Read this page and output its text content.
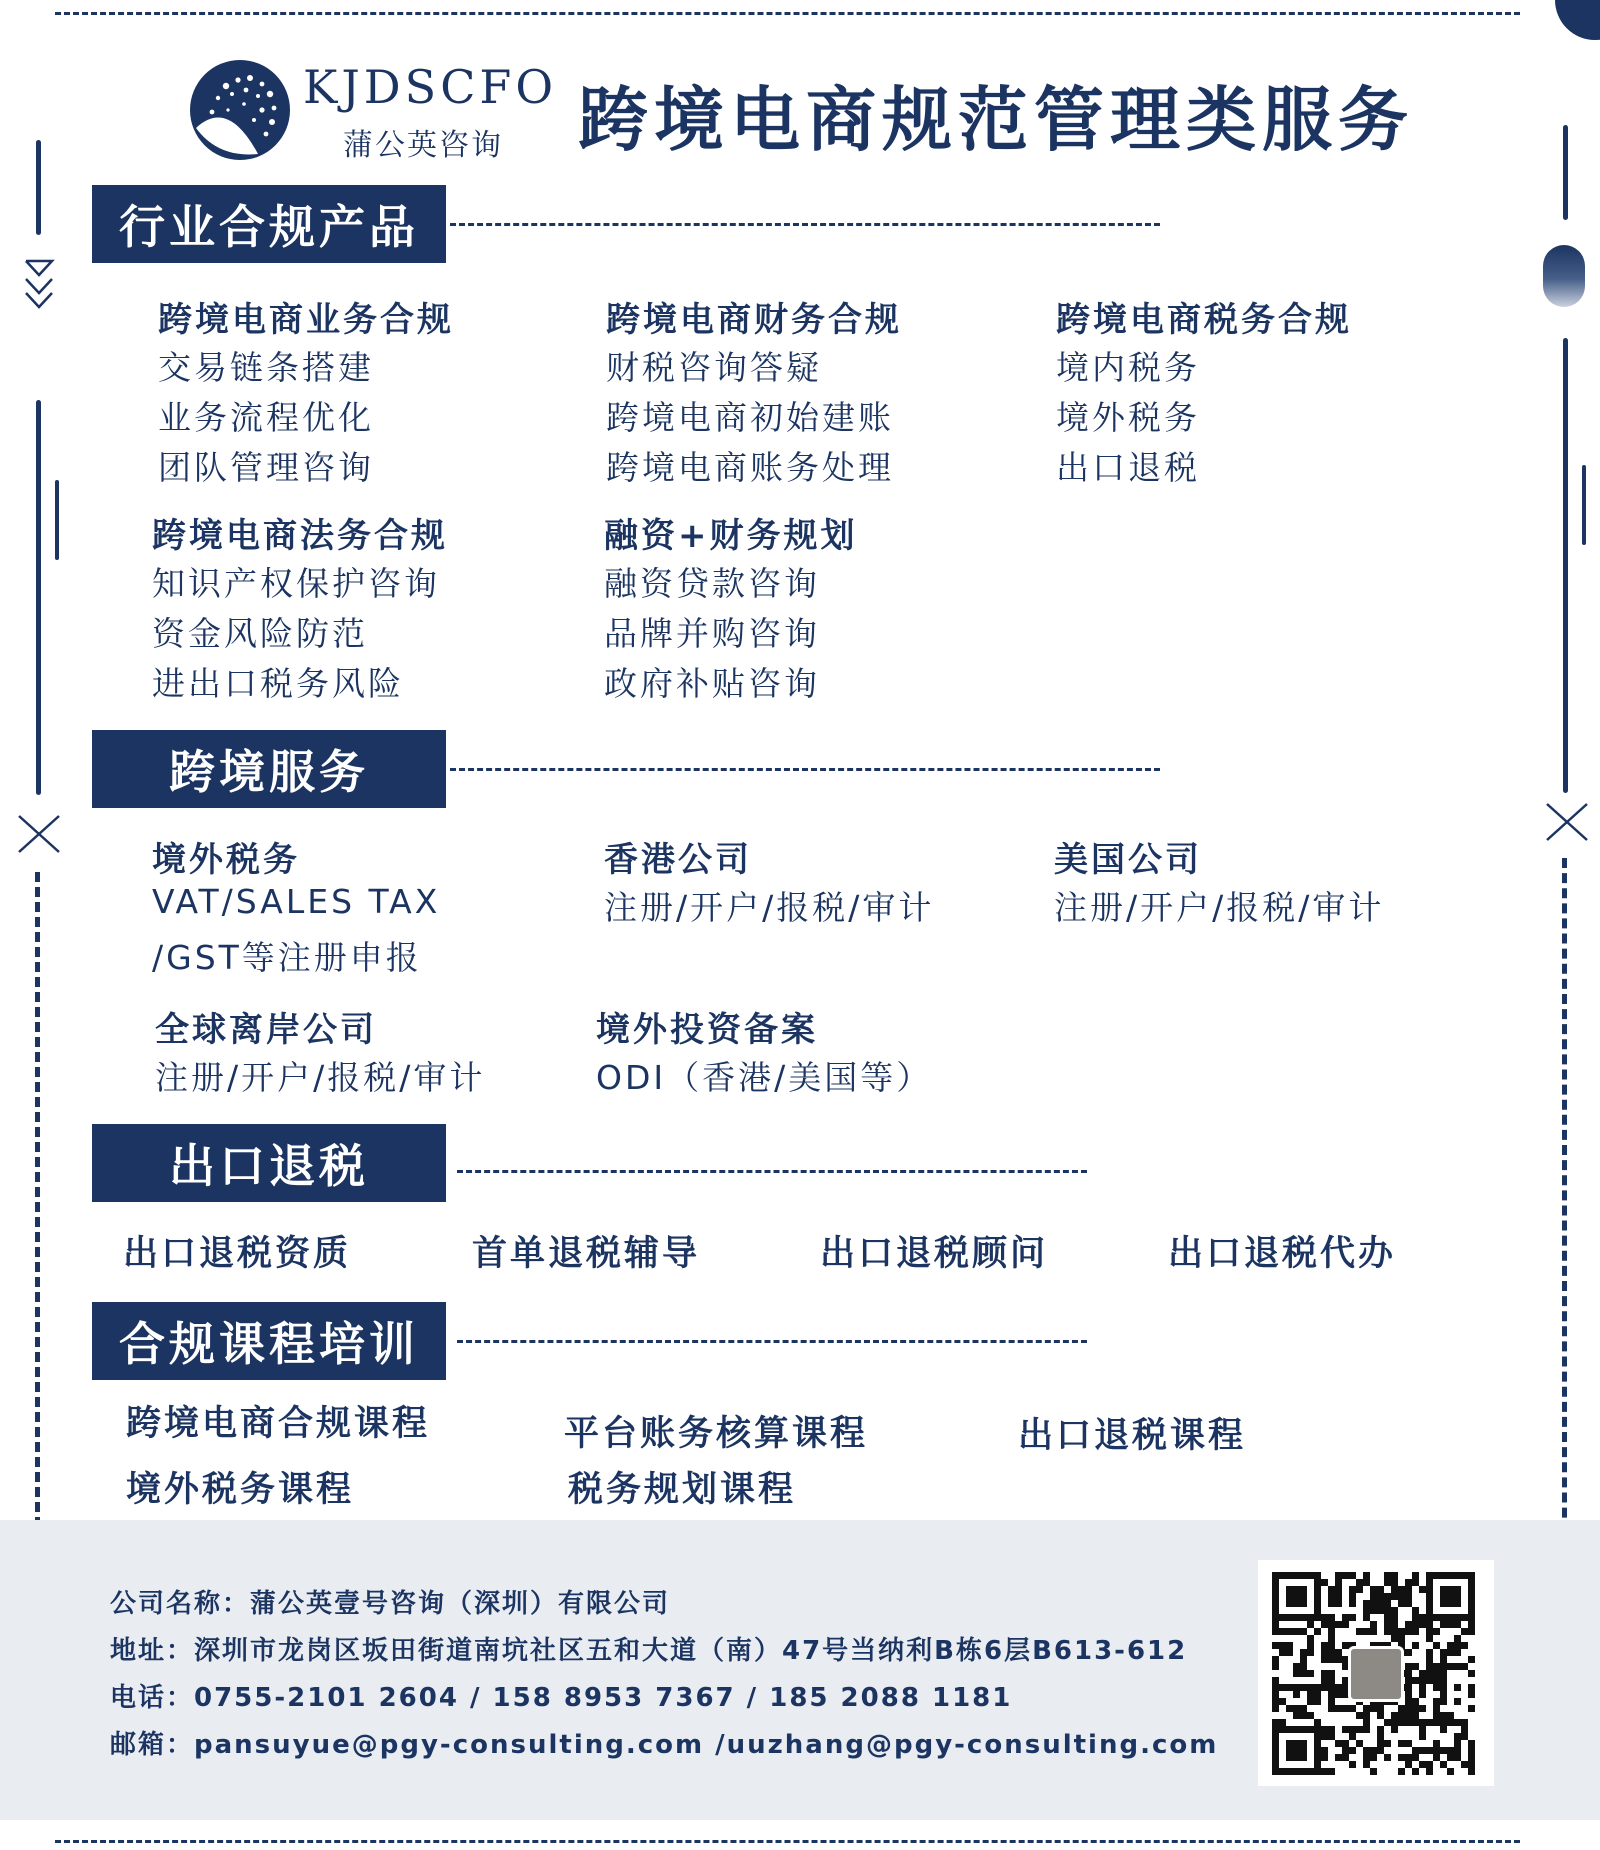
KJDSCFO
蒲公英咨询 跨境电商规范管理类服务
行业合规产品
跨境电商业务合规
交易链条搭建
业务流程优化
团队管理咨询
跨境电商财务合规
财税咨询答疑
跨境电商初始建账
跨境电商账务处理
跨境电商税务合规
境内税务
境外税务
出口退税
跨境电商法务合规
知识产权保护咨询
资金风险防范
进出口税务风险
融资+财务规划
融资贷款咨询
品牌并购咨询
政府补贴咨询
跨境服务
境外税务
VAT/SALES TAX
/GST等注册申报
香港公司
注册/开户/报税/审计
美国公司
注册/开户/报税/审计
全球离岸公司
注册/开户/报税/审计
境外投资备案
ODI（香港/美国等）
出口退税
出口退税资质	首单退税辅导	出口退税顾问	出口退税代办
合规课程培训
跨境电商合规课程	平台账务核算课程	出口退税课程
境外税务课程	税务规划课程
公司名称：蒲公英壹号咨询（深圳）有限公司
地址：深圳市龙岗区坂田街道南坑社区五和大道（南）47号当纳利B栋6层B613-612
电话：0755-2101 2604 / 158 8953 7367 / 185 2088 1181
邮箱：pansuyue@pgy-consulting.com /uuzhang@pgy-consulting.com
